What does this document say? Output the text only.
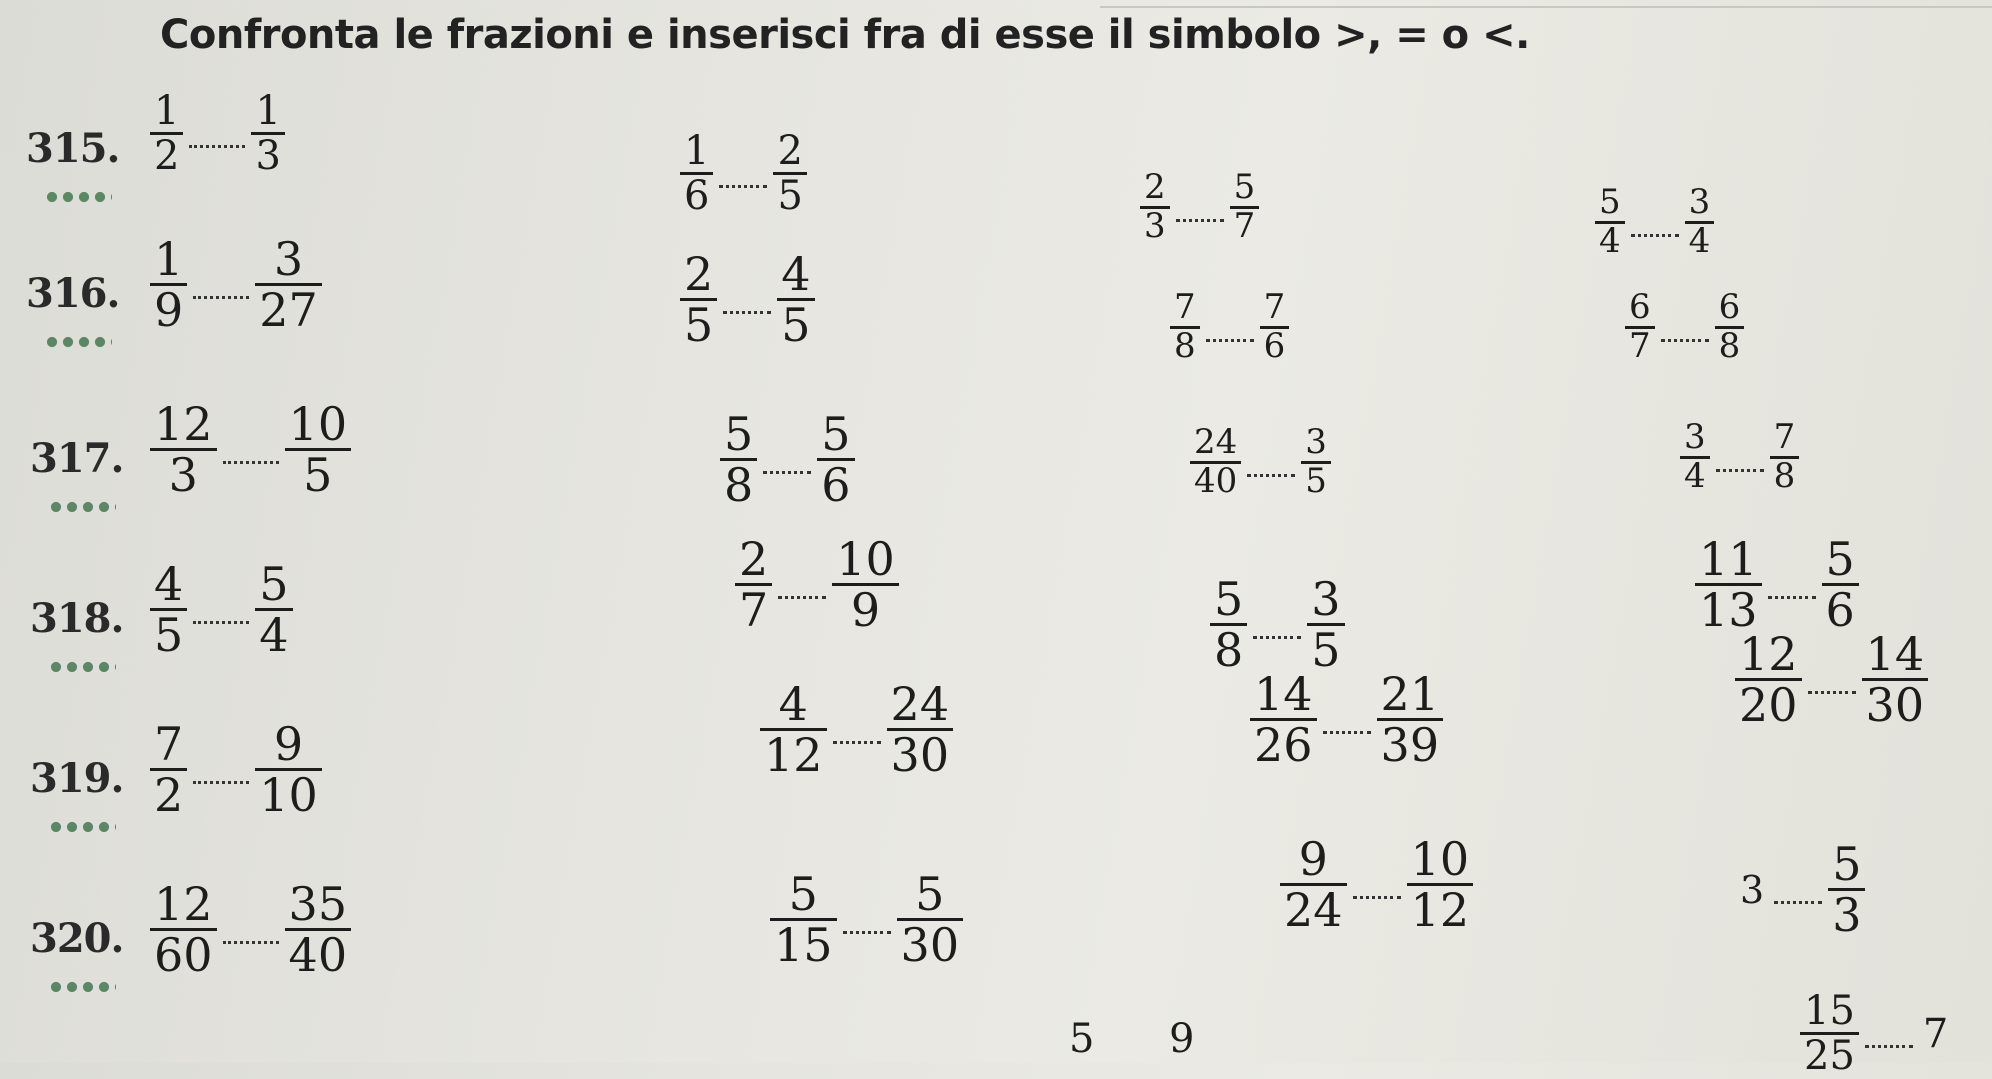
Confronta le frazioni e inserisci fra di esse il simbolo >, = o <.
315. $\frac{1}{2} \frac{1}{3}$	$\frac{1}{6} \frac{2}{5}$	$\frac{2}{3} \frac{5}{7}$	$\frac{5}{4} \frac{3}{4}$
316. $\frac{1}{9} \frac{3}{27}$	$\frac{2}{5} \frac{4}{5}$	$\frac{7}{8} \frac{7}{6}$	$\frac{6}{7} \frac{6}{8}$
317. $\frac{12}{3} \frac{10}{5}$	$\frac{5}{8} \frac{5}{6}$	$\frac{24}{40} \frac{3}{5}$	$\frac{3}{4} \frac{7}{8}$
318. $\frac{4}{5} \frac{5}{4}$	$\frac{2}{7} \frac{10}{9}$	$\frac{5}{8} \frac{3}{5}$	$\frac{11}{13} \frac{5}{6}$
319. $\frac{7}{2} \frac{9}{10}$	$\frac{4}{12} \frac{24}{30}$	$\frac{14}{26} \frac{21}{39}$	$\frac{12}{20} \frac{14}{30}$
320. $\frac{12}{60} \frac{35}{40}$	$\frac{5}{15} \frac{5}{30}$	$\frac{9}{24} \frac{10}{12}$	$3 \frac{5}{3}$
5 9	$\frac{15}{25} 7$
